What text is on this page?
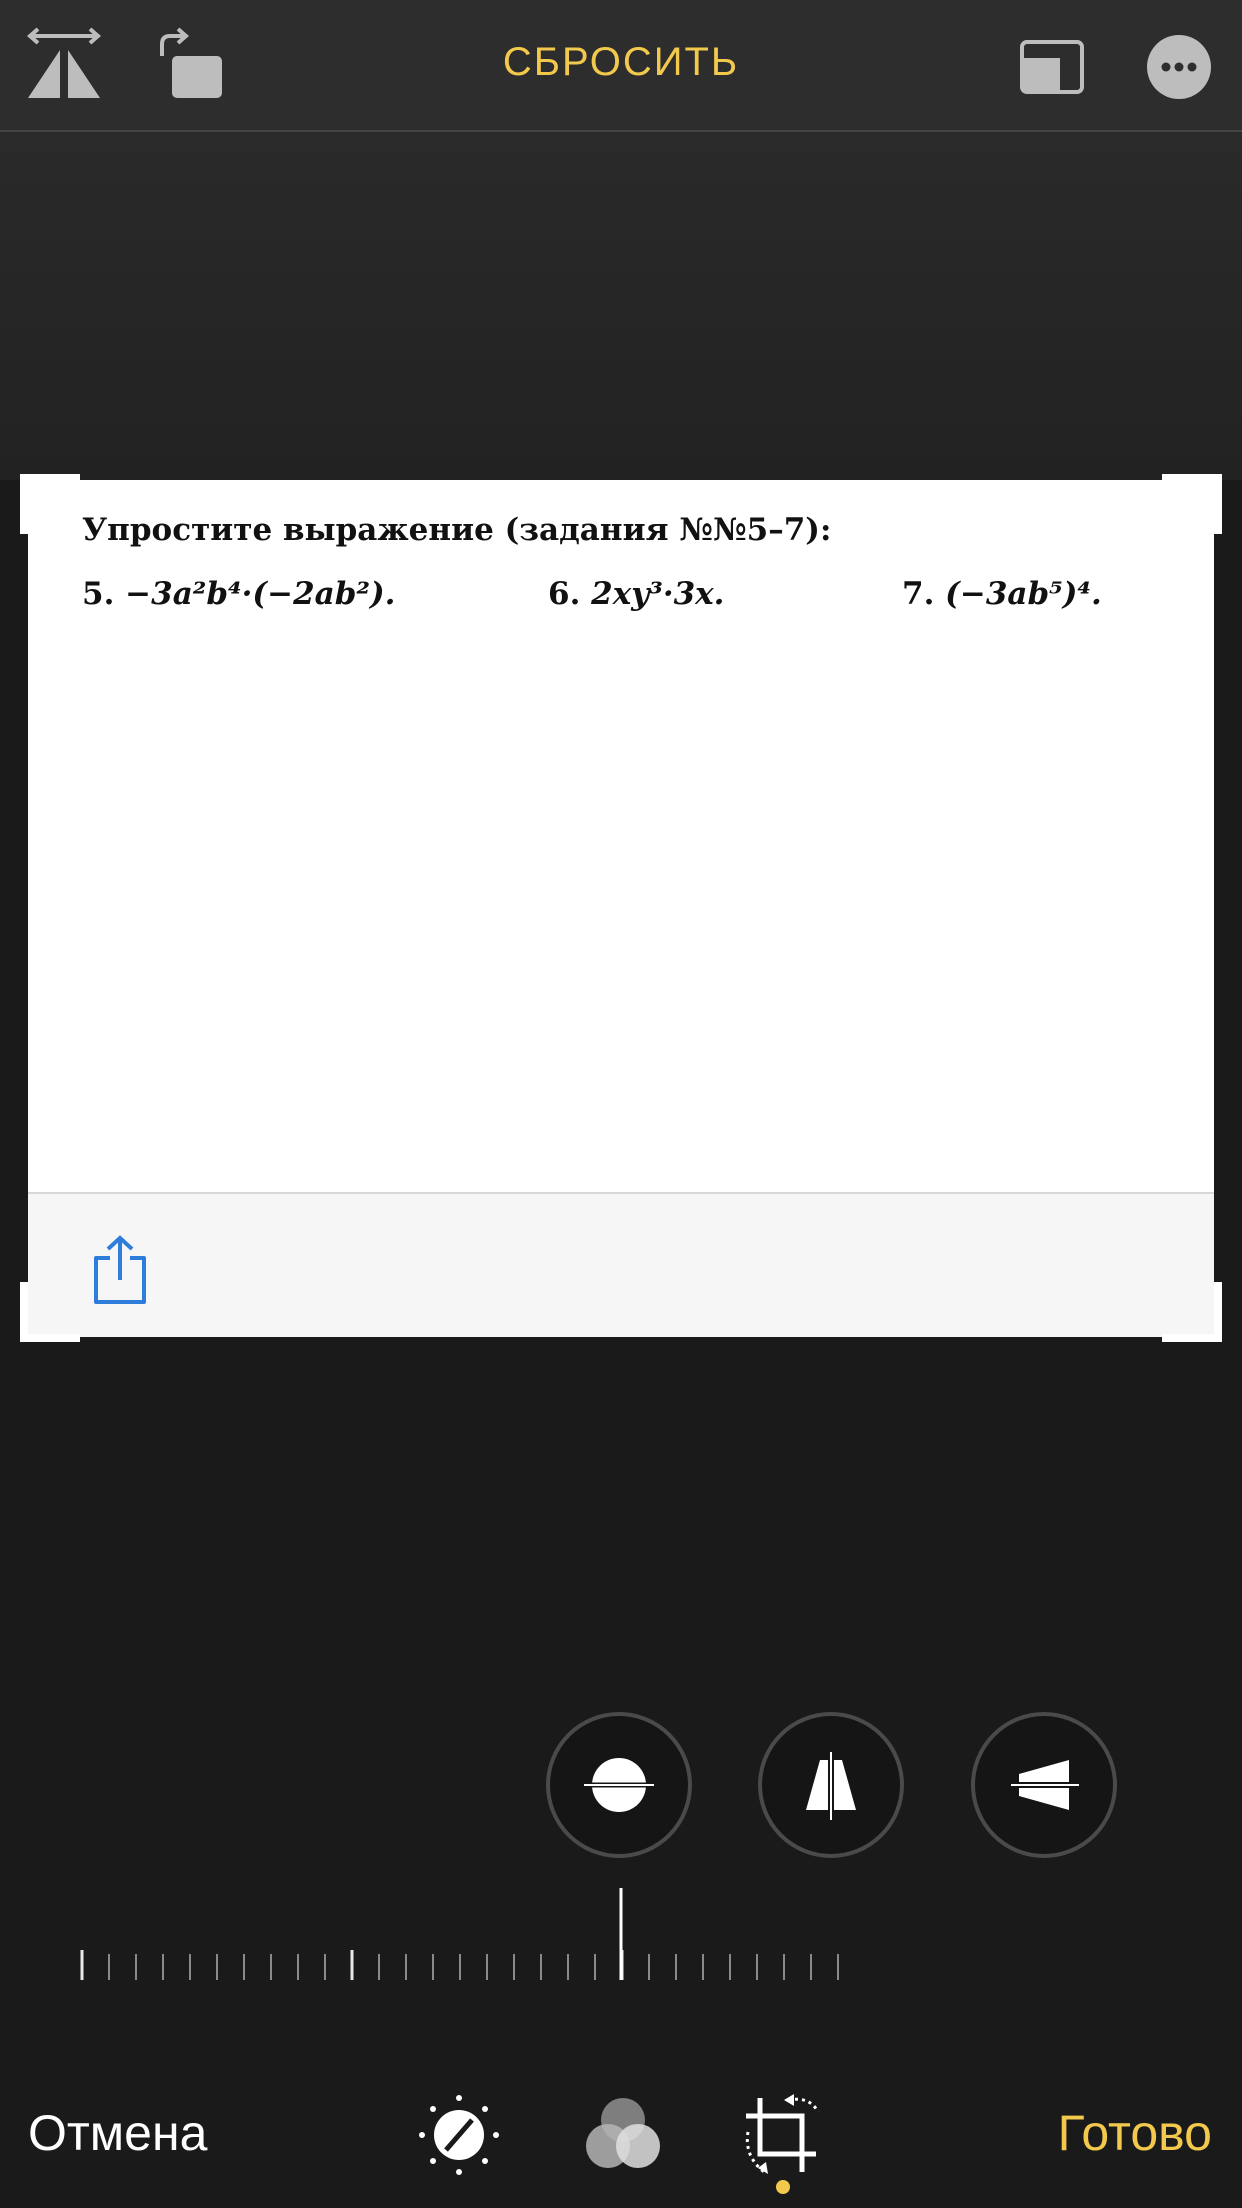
СБРОСИТЬ
Упростите выражение (задания №№5–7):
5. −3a²b⁴·(−2ab²).	6. 2xy³·3x.	7. (−3ab⁵)⁴.
Отмена	Готово
